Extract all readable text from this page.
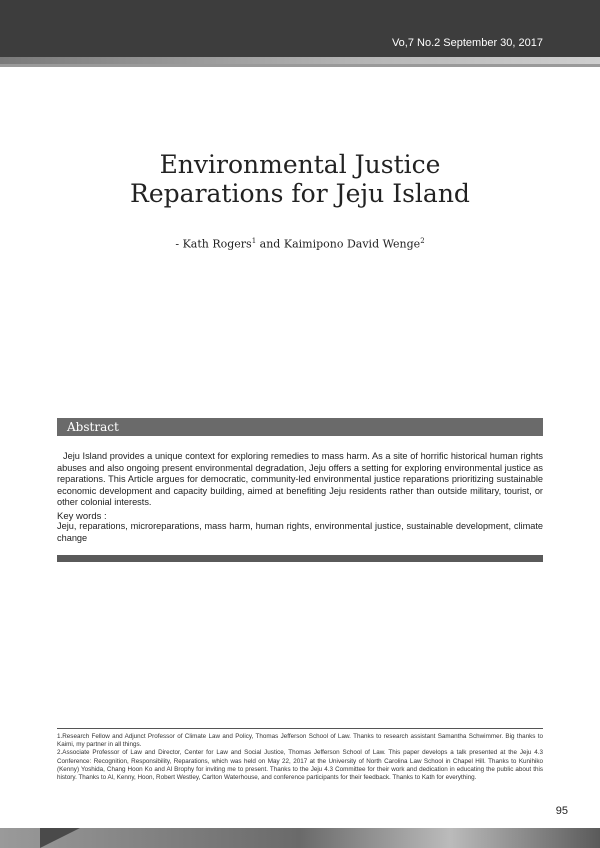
Vo,7 No.2 September 30, 2017
Environmental Justice
Reparations for Jeju Island
- Kath Rogers$^1$ and Kaimipono David Wenge$^2$
Abstract
Jeju Island provides a unique context for exploring remedies to mass harm. As a site of horrific historical human rights abuses and also ongoing present environmental degradation, Jeju offers a setting for exploring environmental justice as reparations. This Article argues for democratic, community-led environmental justice reparations prioritizing sustainable economic development and capacity building, aimed at benefiting Jeju residents rather than outside military, tourist, or other colonial interests.
Key words :
Jeju, reparations, microreparations, mass harm, human rights, environmental justice, sustainable development, climate change

1.Research Fellow and Adjunct Professor of Climate Law and Policy, Thomas Jefferson School of Law. Thanks to research assistant Samantha Schwimmer. Big thanks to Kaimi, my partner in all things.

2.Associate Professor of Law and Director, Center for Law and Social Justice, Thomas Jefferson School of Law. This paper develops a talk presented at the Jeju 4.3 Conference: Recognition, Responsibility, Reparations, which was held on May 22, 2017 at the University of North Carolina Law School in Chapel Hill. Thanks to Kunihiko (Kenny) Yoshida, Chang Hoon Ko and Al Brophy for inviting me to present. Thanks to the Jeju 4.3 Committee for their work and dedication in educating the public about this history. Thanks to Al, Kenny, Hoon, Robert Westley, Carlton Waterhouse, and conference participants for their feedback. Thanks to Kath for everything.

95
